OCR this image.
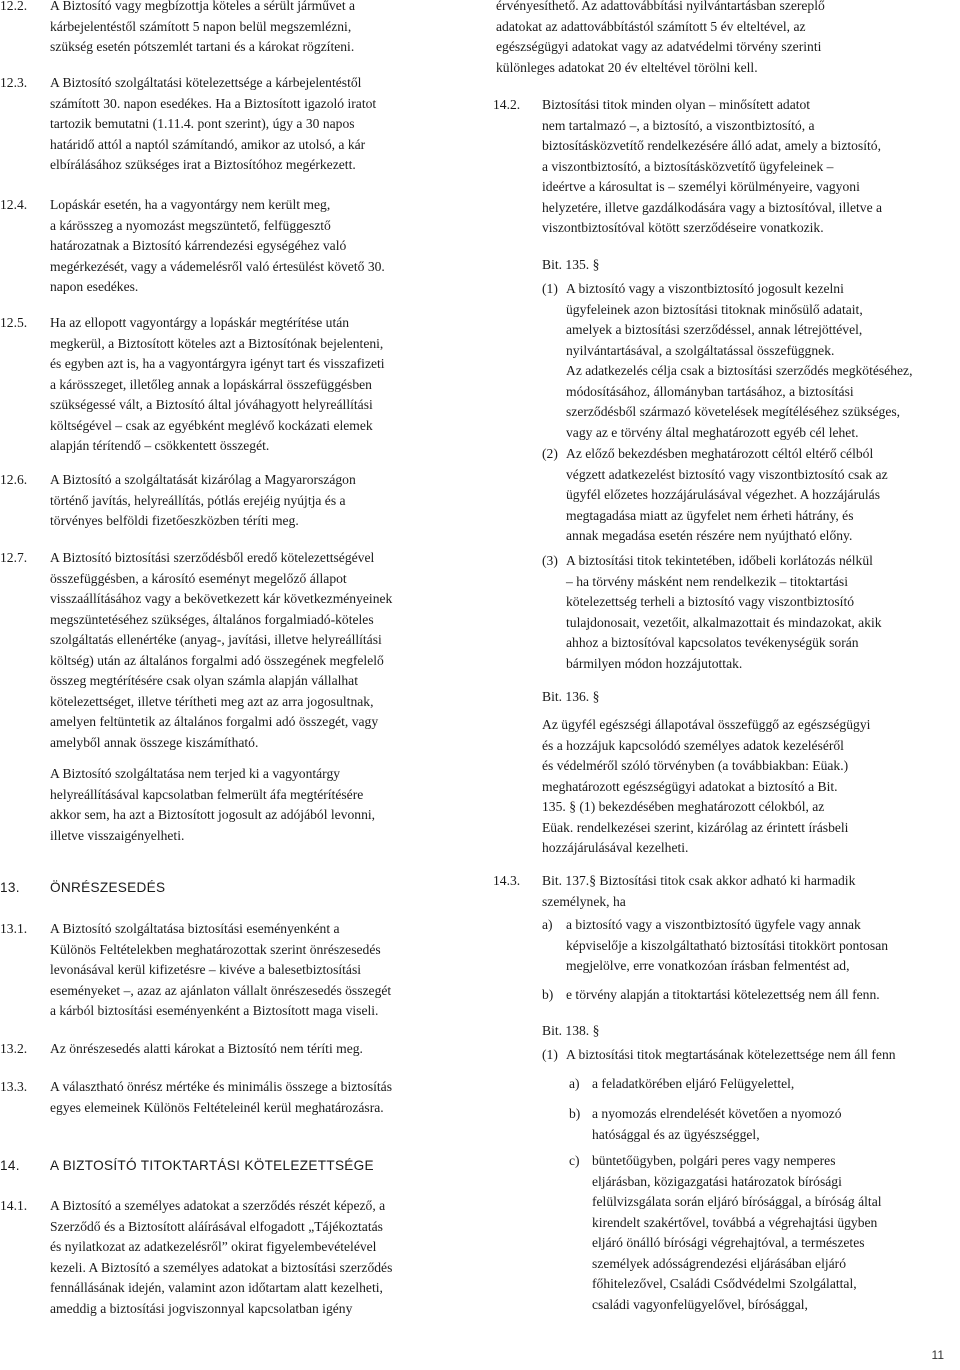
12.2. A Biztosító vagy megbízottja köteles a sérült járművet a
kárbejelentéstől számított 5 napon belül megszemlézni,
szükség esetén pótszemlét tartani és a károkat rögzíteni.
12.3. A Biztosító szolgáltatási kötelezettsége a kárbejelentéstől
számított 30. napon esedékes. Ha a Biztosított igazoló iratot
tartozik bemutatni (1.11.4. pont szerint), úgy a 30 napos
határidő attól a naptól számítandó, amikor az utolsó, a kár
elbírálásához szükséges irat a Biztosítóhoz megérkezett.
12.4. Lopáskár esetén, ha a vagyontárgy nem került meg,
a kárösszeg a nyomozást megszüntető, felfüggesztő
határozatnak a Biztosító kárrendezési egységéhez való
megérkezését, vagy a vádemelésről való értesülést követő 30.
napon esedékes.
12.5. Ha az ellopott vagyontárgy a lopáskár megtérítése után
megkerül, a Biztosított köteles azt a Biztosítónak bejelenteni,
és egyben azt is, ha a vagyontárgyra igényt tart és visszafizeti
a kárösszeget, illetőleg annak a lopáskárral összefüggésben
szükségessé vált, a Biztosító által jóváhagyott helyreállítási
költségével – csak az egyébként meglévő kockázati elemek
alapján térítendő – csökkentett összegét.
12.6. A Biztosító a szolgáltatását kizárólag a Magyarországon
történő javítás, helyreállítás, pótlás erejéig nyújtja és a
törvényes belföldi fizetőeszközben téríti meg.
12.7. A Biztosító biztosítási szerződésből eredő kötelezettségével
összefüggésben, a károsító eseményt megelőző állapot
visszaállításához vagy a bekövetkezett kár következményeinek
megszüntetéséhez szükséges, általános forgalmiadó-köteles
szolgáltatás ellenértéke (anyag-, javítási, illetve helyreállítási
költség) után az általános forgalmi adó összegének megfelelő
összeg megtérítésére csak olyan számla alapján vállalhat
kötelezettséget, illetve térítheti meg azt az arra jogosultnak,
amelyen feltüntetik az általános forgalmi adó összegét, vagy
amelyből annak összege kiszámítható.
A Biztosító szolgáltatása nem terjed ki a vagyontárgy
helyreállításával kapcsolatban felmerült áfa megtérítésére
akkor sem, ha azt a Biztosított jogosult az adójából levonni,
illetve visszaigényelheti.
13. ÖNRÉSZESEDÉS
13.1. A Biztosító szolgáltatása biztosítási eseményenként a
Különös Feltételekben meghatározottak szerint önrészesedés
levonásával kerül kifizetésre – kivéve a balesetbiztosítási
eseményeket –, azaz az ajánlaton vállalt önrészesedés összegét
a kárból biztosítási eseményenként a Biztosított maga viseli.
13.2. Az önrészesedés alatti károkat a Biztosító nem téríti meg.
13.3. A választható önrész mértéke és minimális összege a biztosítás
egyes elemeinek Különös Feltételeinél kerül meghatározásra.
14. A BIZTOSÍTÓ TITOKTARTÁSI KÖTELEZETTSÉGE
14.1. A Biztosító a személyes adatokat a szerződés részét képező, a
Szerződő és a Biztosított aláírásával elfogadott „Tájékoztatás
és nyilatkozat az adatkezelésről” okirat figyelembevételével
kezeli. A Biztosító a személyes adatokat a biztosítási szerződés
fennállásának idején, valamint azon időtartam alatt kezelheti,
ameddig a biztosítási jogviszonnyal kapcsolatban igény
érvényesíthető. Az adattovábbítási nyilvántartásban szereplő
adatokat az adattovábbítástól számított 5 év elteltével, az
egészségügyi adatokat vagy az adatvédelmi törvény szerinti
különleges adatokat 20 év elteltével törölni kell.
14.2. Biztosítási titok minden olyan – minősített adatot
nem tartalmazó –, a biztosító, a viszontbiztosító, a
biztosításközvetítő rendelkezésére álló adat, amely a biztosító,
a viszontbiztosító, a biztosításközvetítő ügyfeleinek –
ideértve a károsultat is – személyi körülményeire, vagyoni
helyzetére, illetve gazdálkodására vagy a biztosítóval, illetve a
viszontbiztosítóval kötött szerződéseire vonatkozik.
Bit. 135. §
(1) A biztosító vagy a viszontbiztosító jogosult kezelni
ügyfeleinek azon biztosítási titoknak minősülő adatait,
amelyek a biztosítási szerződéssel, annak létrejöttével,
nyilvántartásával, a szolgáltatással összefüggnek.
Az adatkezelés célja csak a biztosítási szerződés megkötéséhez,
módosításához, állományban tartásához, a biztosítási
szerződésből származó követelések megítéléséhez szükséges,
vagy az e törvény által meghatározott egyéb cél lehet.
(2) Az előző bekezdésben meghatározott céltól eltérő célból
végzett adatkezelést biztosító vagy viszontbiztosító csak az
ügyfél előzetes hozzájárulásával végezhet. A hozzájárulás
megtagadása miatt az ügyfelet nem érheti hátrány, és
annak megadása esetén részére nem nyújtható előny.
(3) A biztosítási titok tekintetében, időbeli korlátozás nélkül
– ha törvény másként nem rendelkezik – titoktartási
kötelezettség terheli a biztosító vagy viszontbiztosító
tulajdonosait, vezetőit, alkalmazottait és mindazokat, akik
ahhoz a biztosítóval kapcsolatos tevékenységük során
bármilyen módon hozzájutottak.
Bit. 136. §
Az ügyfél egészségi állapotával összefüggő az egészségügyi
és a hozzájuk kapcsolódó személyes adatok kezeléséről
és védelméről szóló törvényben (a továbbiakban: Eüak.)
meghatározott egészségügyi adatokat a biztosító a Bit.
135. § (1) bekezdésében meghatározott célokból, az
Eüak. rendelkezései szerint, kizárólag az érintett írásbeli
hozzájárulásával kezelheti.
14.3. Bit. 137.§ Biztosítási titok csak akkor adható ki harmadik
személynek, ha
a) a biztosító vagy a viszontbiztosító ügyfele vagy annak
képviselője a kiszolgáltatható biztosítási titokkört pontosan
megjelölve, erre vonatkozóan írásban felmentést ad,
b) e törvény alapján a titoktartási kötelezettség nem áll fenn.
Bit. 138. §
(1) A biztosítási titok megtartásának kötelezettsége nem áll fenn
a) a feladatkörében eljáró Felügyelettel,
b) a nyomozás elrendelését követően a nyomozó
hatósággal és az ügyészséggel,
c) büntetőügyben, polgári peres vagy nemperes
eljárásban, közigazgatási határozatok bírósági
felülvizsgálata során eljáró bírósággal, a bíróság által
kirendelt szakértővel, továbbá a végrehajtási ügyben
eljáró önálló bírósági végrehajtóval, a természetes
személyek adósságrendezési eljárásában eljáró
főhitelezővel, Családi Csődvédelmi Szolgálattal,
családi vagyonfelügyelővel, bírósággal,
11
